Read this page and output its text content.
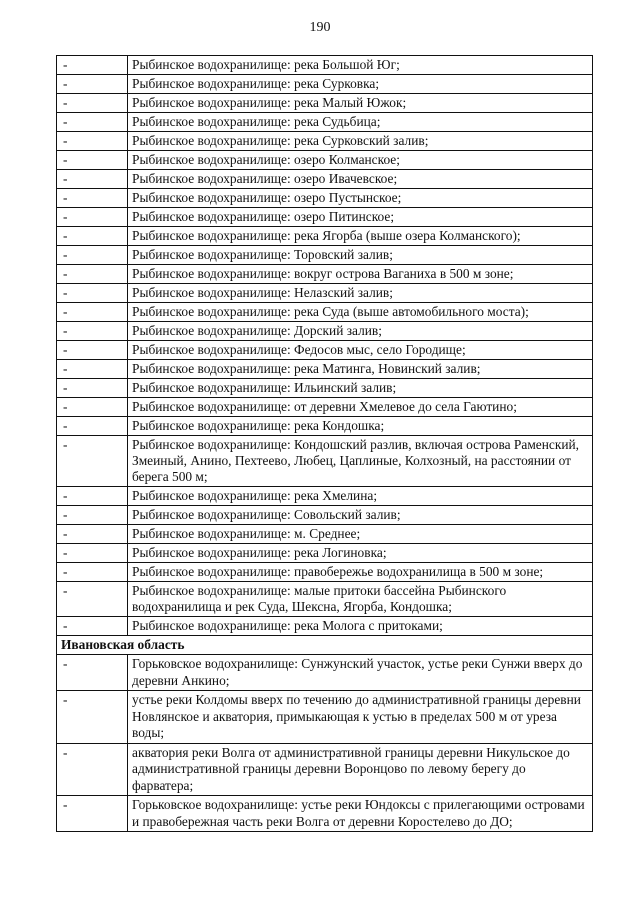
190
-	Рыбинское водохранилище: река Большой Юг;
-	Рыбинское водохранилище: река Сурковка;
-	Рыбинское водохранилище: река Малый Южок;
-	Рыбинское водохранилище: река Судьбица;
-	Рыбинское водохранилище: река Сурковский залив;
-	Рыбинское водохранилище: озеро Колманское;
-	Рыбинское водохранилище: озеро Ивачевское;
-	Рыбинское водохранилище: озеро Пустынское;
-	Рыбинское водохранилище: озеро Питинское;
-	Рыбинское водохранилище: река Ягорба (выше озера Колманского);
-	Рыбинское водохранилище: Торовский залив;
-	Рыбинское водохранилище: вокруг острова Ваганиха в 500 м зоне;
-	Рыбинское водохранилище: Нелазский залив;
-	Рыбинское водохранилище: река Суда (выше автомобильного моста);
-	Рыбинское водохранилище: Дорский залив;
-	Рыбинское водохранилище: Федосов мыс, село Городище;
-	Рыбинское водохранилище: река Матинга, Новинский залив;
-	Рыбинское водохранилище: Ильинский залив;
-	Рыбинское водохранилище: от деревни Хмелевое до села Гаютино;
-	Рыбинское водохранилище: река Кондошка;
-	Рыбинское водохранилище: Кондошский разлив, включая острова Раменский, Змеиный, Анино, Пехтеево, Любец, Цаплиные, Колхозный, на расстоянии от берега 500 м;
-	Рыбинское водохранилище: река Хмелина;
-	Рыбинское водохранилище: Совольский залив;
-	Рыбинское водохранилище: м. Среднее;
-	Рыбинское водохранилище: река Логиновка;
-	Рыбинское водохранилище: правобережье водохранилища в 500 м зоне;
-	Рыбинское водохранилище: малые притоки бассейна Рыбинского водохранилища и рек Суда, Шексна, Ягорба, Кондошка;
-	Рыбинское водохранилище: река Молога с притоками;
Ивановская область	
-	Горьковское водохранилище: Сунжунский участок, устье реки Сунжи вверх до деревни Анкино;
-	устье реки Колдомы вверх по течению до административной границы деревни Новлянское и акватория, примыкающая к устью в пределах 500 м от уреза воды;
-	акватория реки Волга от административной границы деревни Никульское до административной границы деревни Воронцово по левому берегу до фарватера;
-	Горьковское водохранилище: устье реки Юндоксы с прилегающими островами и правобережная часть реки Волга от деревни Коростелево до ДО;
